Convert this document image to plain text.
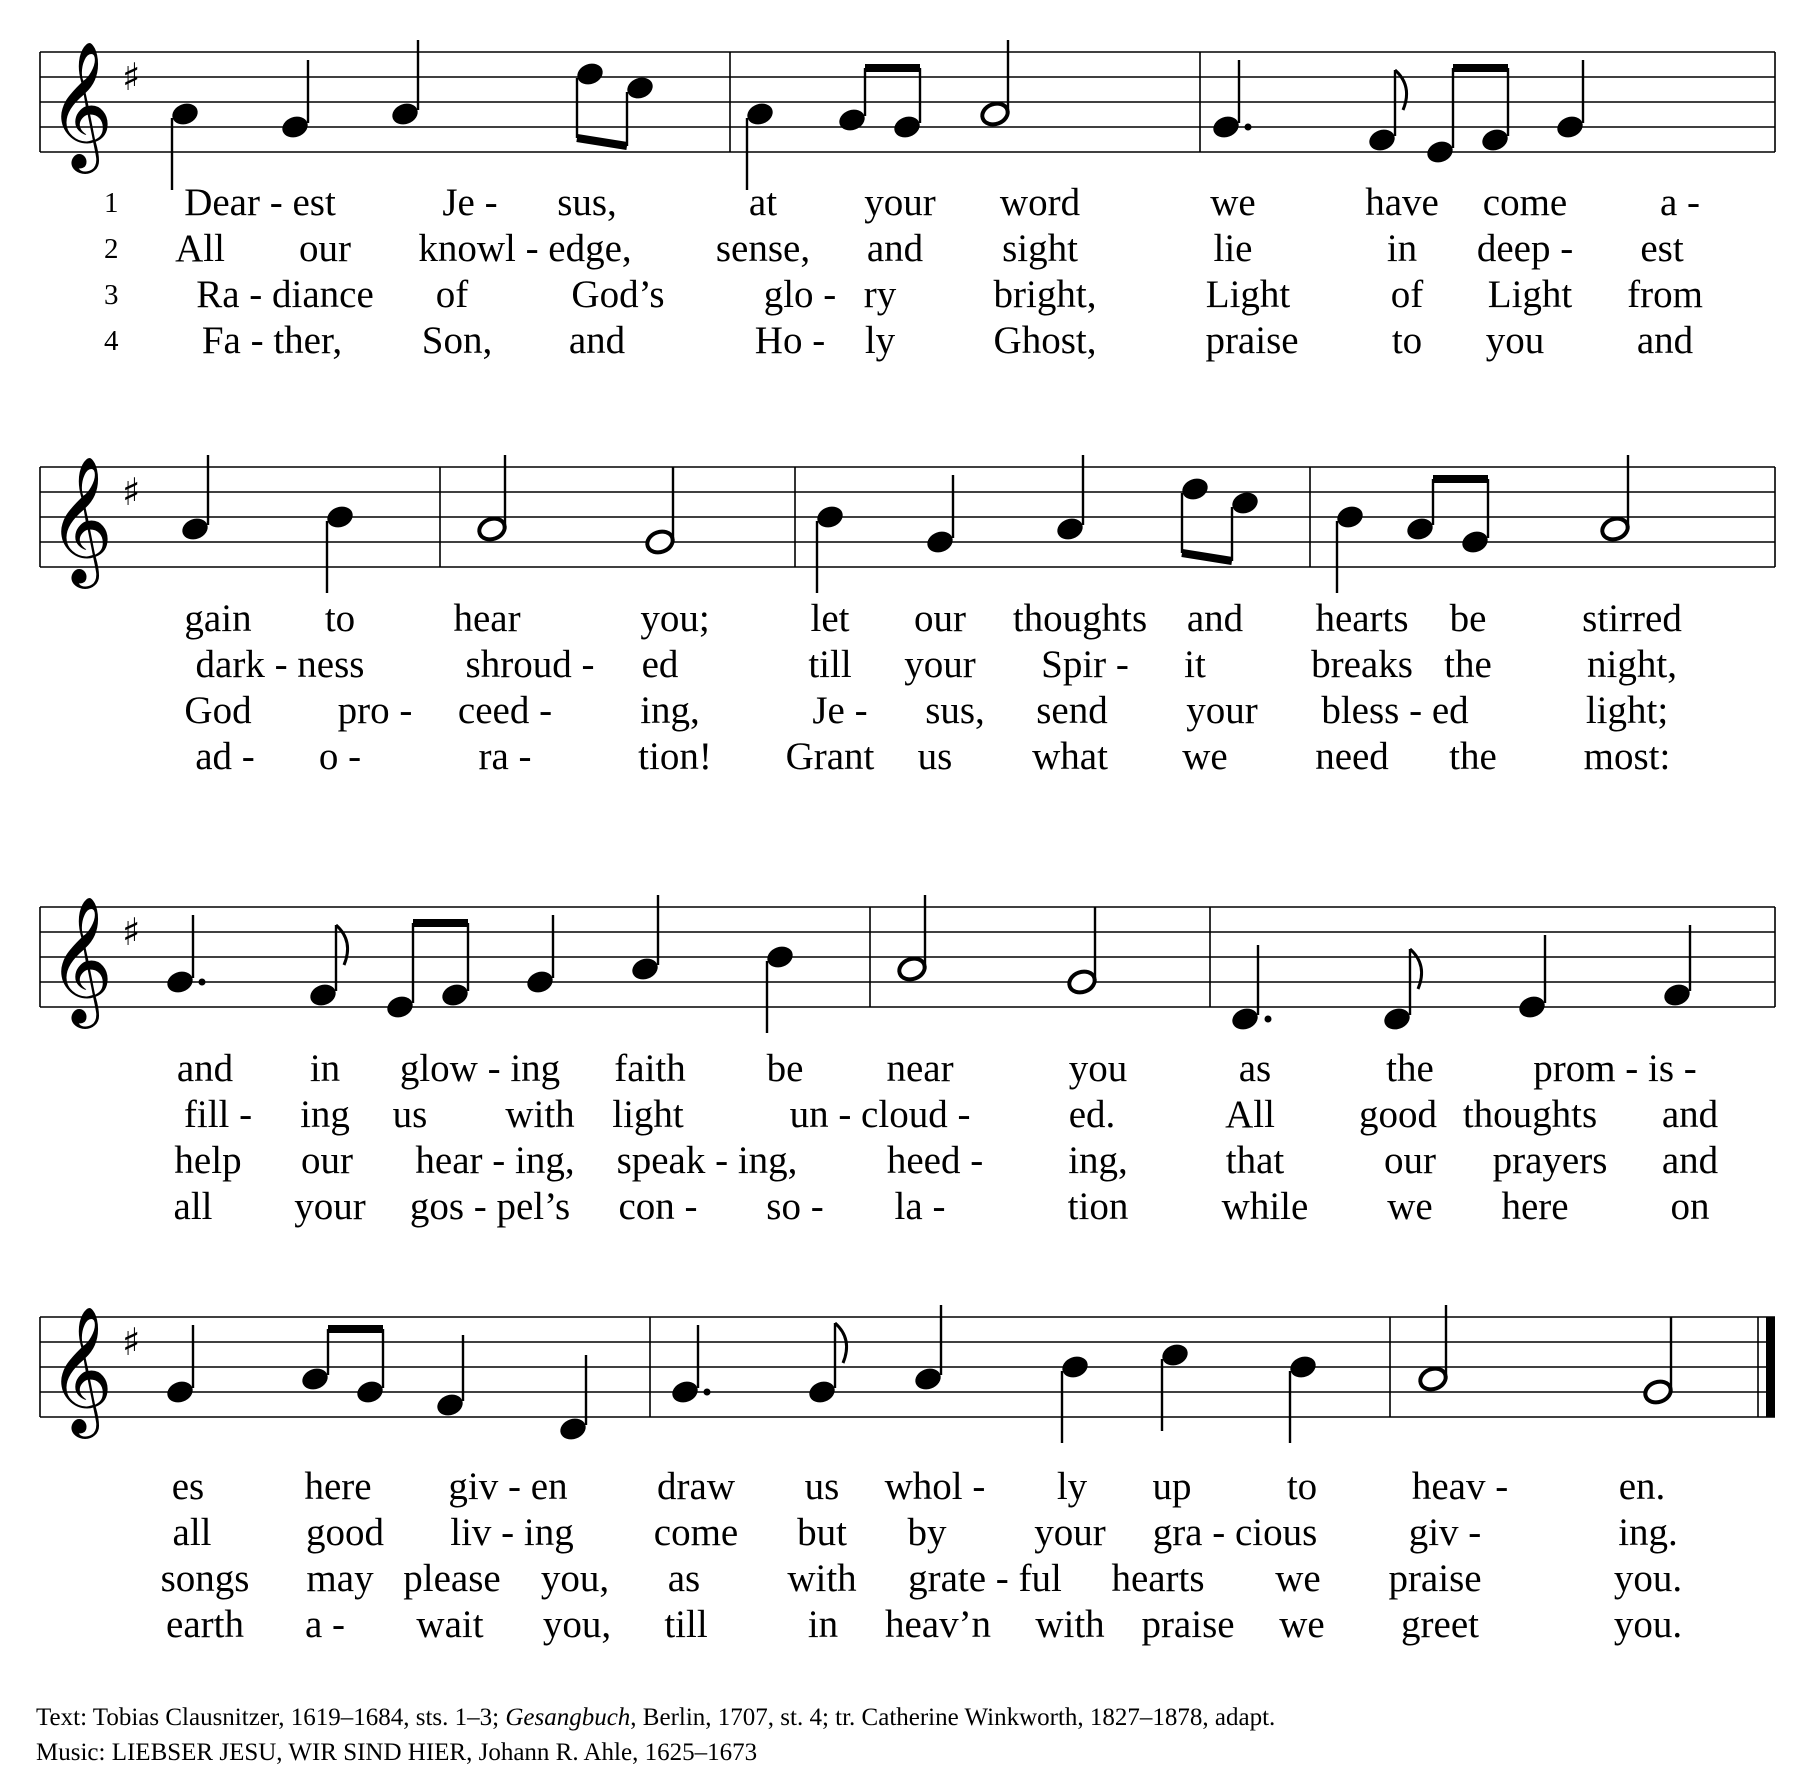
𝄞 ♯
1 Dear - est	Je - sus,	at your word	we	have come a -
2 All our knowl - edge, sense, and sight	lie	in deep - est
3 Ra - diance of	God’s	glo - ry bright,	Light	of Light from
4 Fa - ther, Son, and	Ho - ly	Ghost,	praise to you and
𝄞 ♯
gain to	hear	you;	let our thoughts and hearts be stirred
dark - ness	shroud - ed	till your Spir - it	breaks the night,
God pro - ceed - ing,	Je - sus, send your bless - ed	light;
ad - o -	ra -	tion! Grant us what we need the most:
𝄞 ♯
and in glow - ing faith be near	you	as	the	prom - is -
fill - ing us with light	un - cloud -	ed.	All good thoughts and
help our hear - ing, speak - ing, heed - ing,	that	our prayers and
all your gos - pel’s con - so - la -	tion while we here	on
𝄞 ♯
es	here giv - en draw us whol - ly up to heav -	en.
all good liv - ing come but by your gra - cious giv -	ing.
songs may please you, as with grate - ful hearts we praise	you.
earth a - wait you, till	in heav’n with praise we greet	you.
Text: Tobias Clausnitzer, 1619–1684, sts. 1–3; Gesangbuch, Berlin, 1707, st. 4; tr. Catherine Winkworth, 1827–1878, adapt.
Music: LIEBSER JESU, WIR SIND HIER, Johann R. Ahle, 1625–1673
